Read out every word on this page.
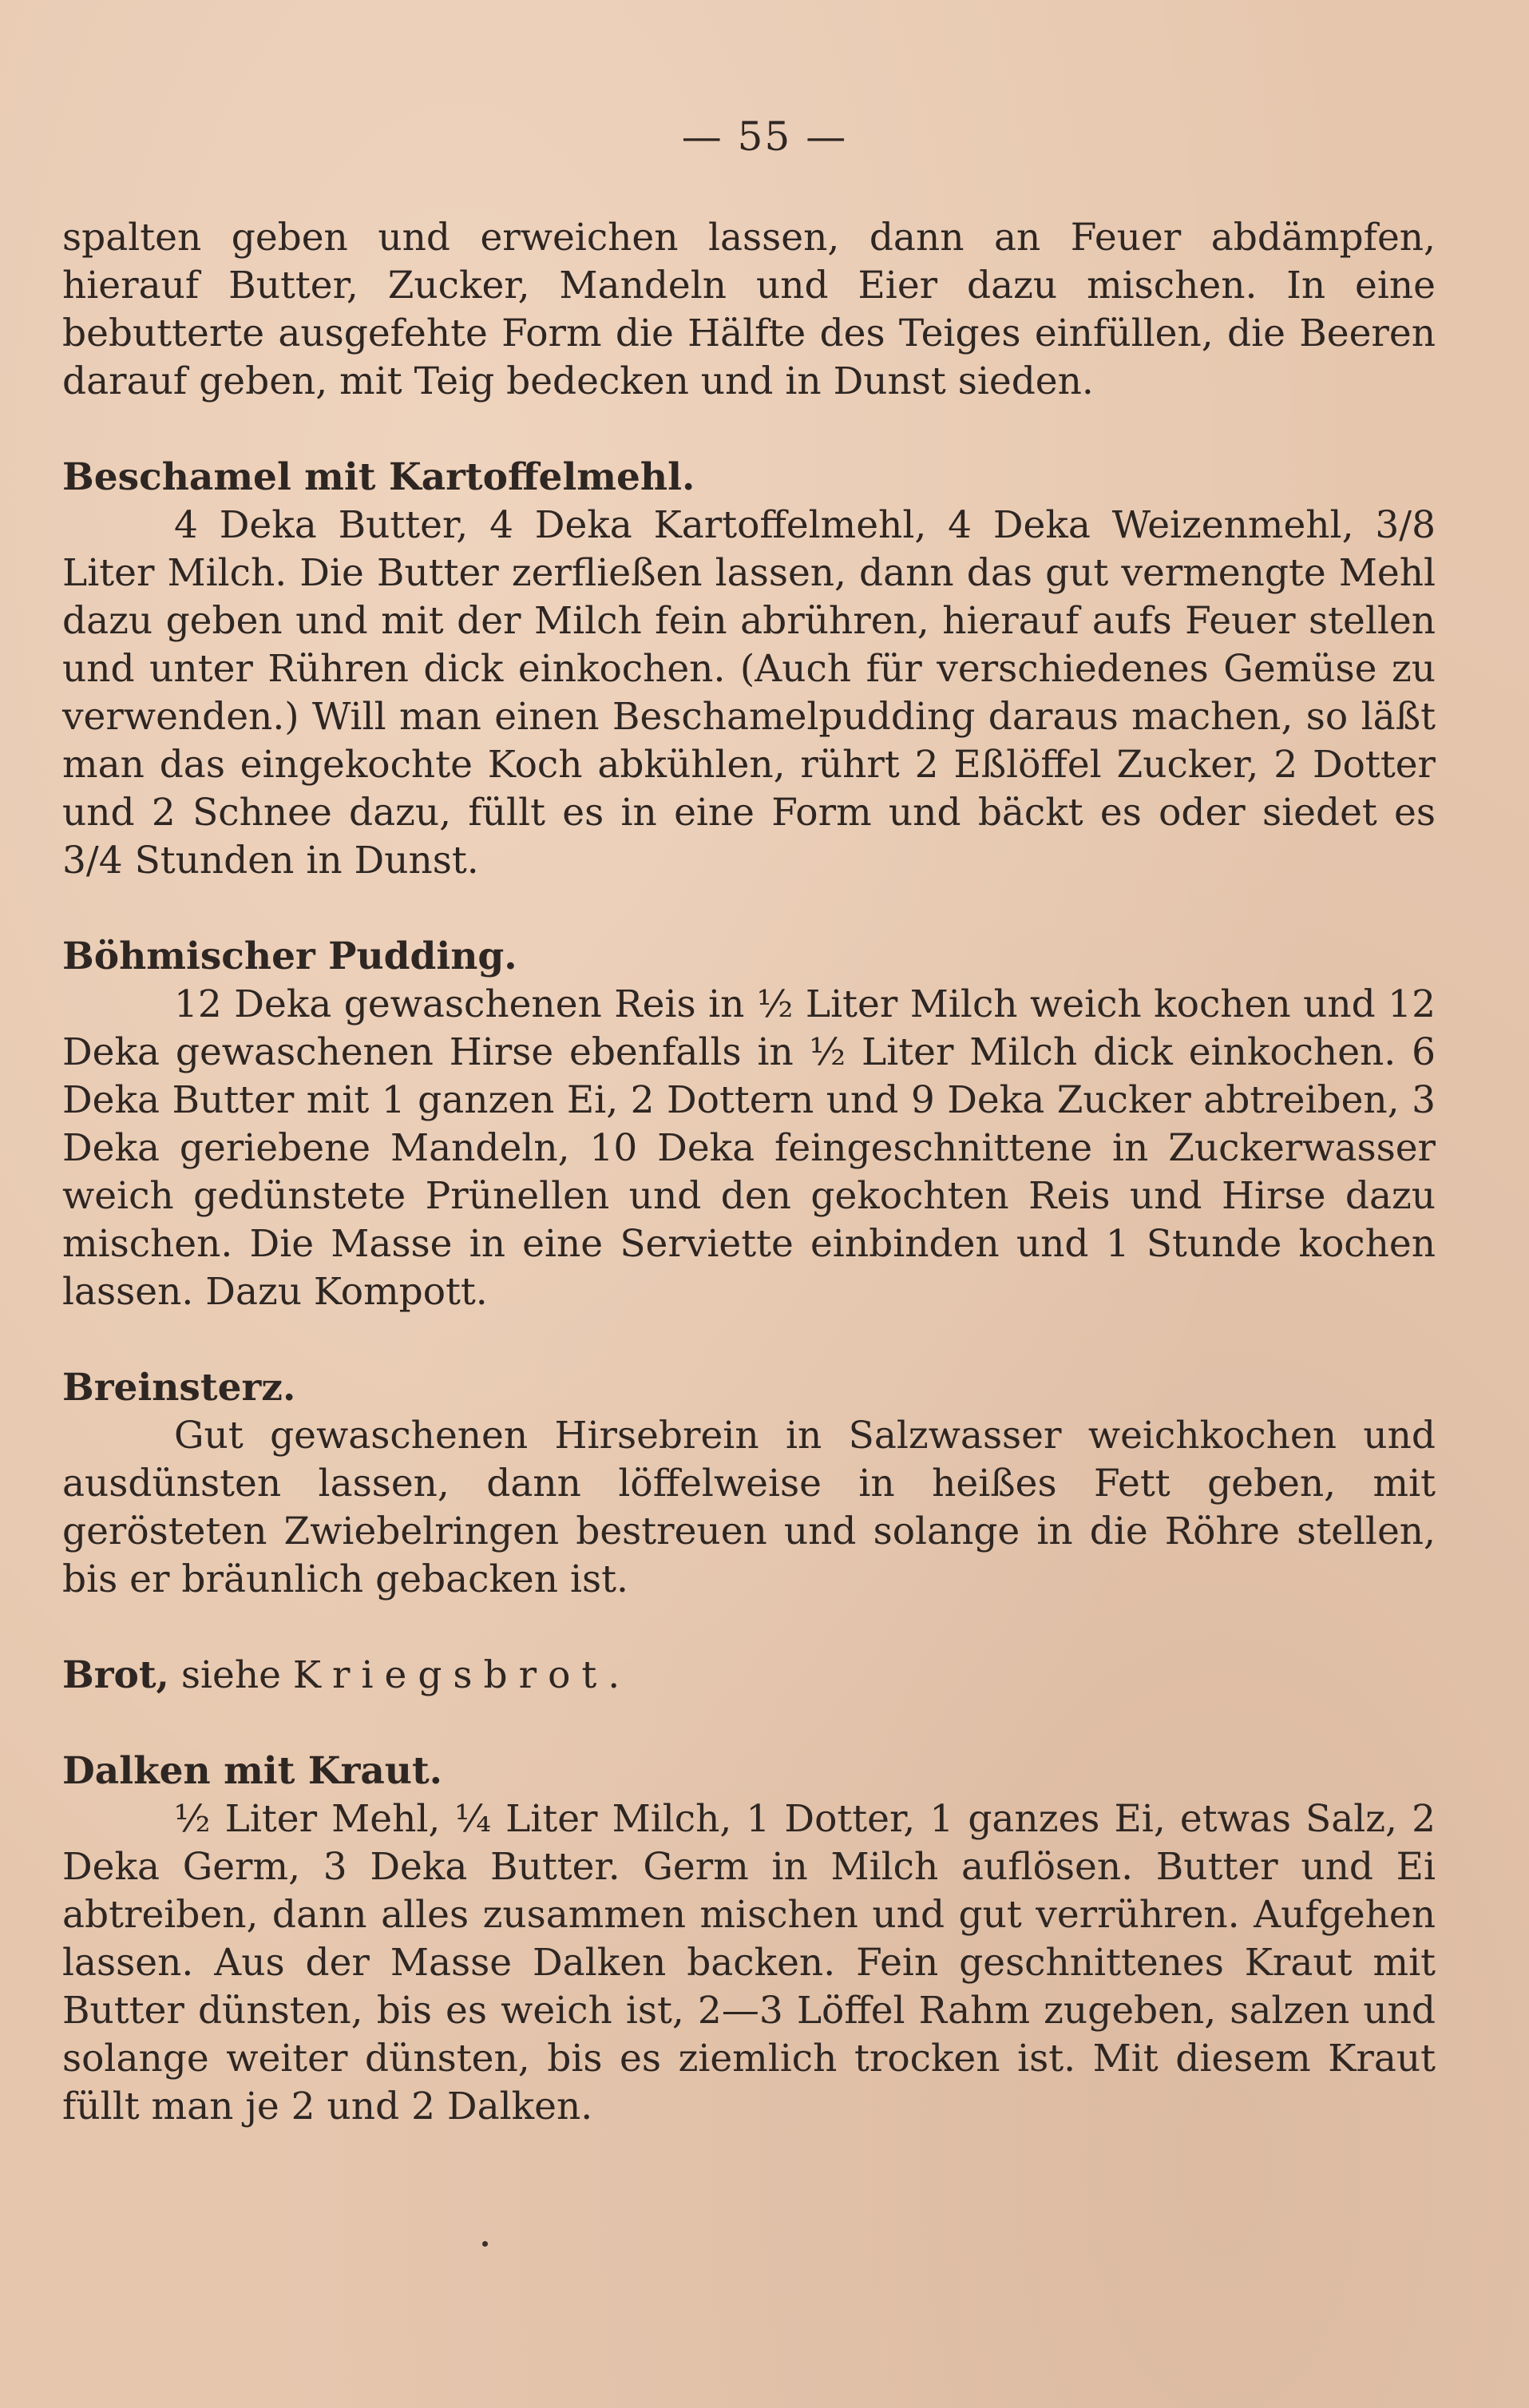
— 55 —

spalten geben und erweichen lassen, dann an Feuer abdämpfen, hierauf Butter, Zucker, Mandeln und Eier dazu mischen. In eine bebutterte ausgefehte Form die Hälfte des Teiges einfüllen, die Beeren darauf geben, mit Teig bedecken und in Dunst sieden.

Beschamel mit Kartoffelmehl.

4 Deka Butter, 4 Deka Kartoffelmehl, 4 Deka Weizenmehl, 3/8 Liter Milch. Die Butter zerfließen lassen, dann das gut vermengte Mehl dazu geben und mit der Milch fein abrühren, hierauf aufs Feuer stellen und unter Rühren dick einkochen. (Auch für verschiedenes Gemüse zu verwenden.) Will man einen Beschamelpudding daraus machen, so läßt man das eingekochte Koch abkühlen, rührt 2 Eßlöffel Zucker, 2 Dotter und 2 Schnee dazu, füllt es in eine Form und bäckt es oder siedet es 3/4 Stunden in Dunst.

Böhmischer Pudding.

12 Deka gewaschenen Reis in ½ Liter Milch weich kochen und 12 Deka gewaschenen Hirse ebenfalls in ½ Liter Milch dick einkochen. 6 Deka Butter mit 1 ganzen Ei, 2 Dottern und 9 Deka Zucker abtreiben, 3 Deka geriebene Mandeln, 10 Deka feingeschnittene in Zuckerwasser weich gedünstete Prünellen und den gekochten Reis und Hirse dazu mischen. Die Masse in eine Serviette einbinden und 1 Stunde kochen lassen. Dazu Kompott.

Breinsterz.

Gut gewaschenen Hirsebrein in Salzwasser weichkochen und ausdünsten lassen, dann löffelweise in heißes Fett geben, mit gerösteten Zwiebelringen bestreuen und solange in die Röhre stellen, bis er bräunlich gebacken ist.

Brot, siehe Kriegsbrot.

Dalken mit Kraut.

½ Liter Mehl, ¼ Liter Milch, 1 Dotter, 1 ganzes Ei, etwas Salz, 2 Deka Germ, 3 Deka Butter. Germ in Milch auflösen. Butter und Ei abtreiben, dann alles zusammen mischen und gut verrühren. Aufgehen lassen. Aus der Masse Dalken backen. Fein geschnittenes Kraut mit Butter dünsten, bis es weich ist, 2—3 Löffel Rahm zugeben, salzen und solange weiter dünsten, bis es ziemlich trocken ist. Mit diesem Kraut füllt man je 2 und 2 Dalken.
